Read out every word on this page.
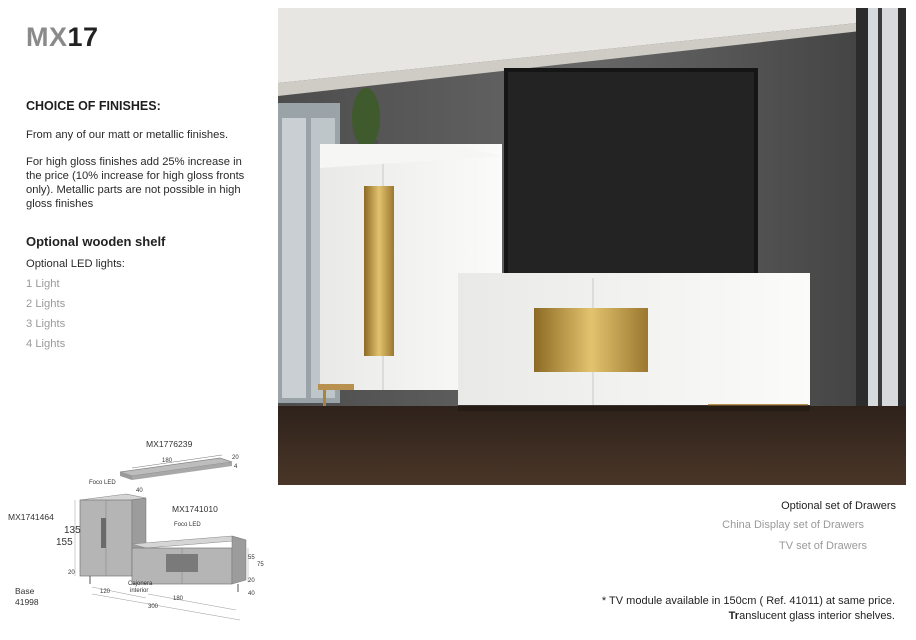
MX17
CHOICE OF FINISHES:
From any of our matt or metallic finishes.
For high gloss finishes add 25% increase in the price (10% increase for high gloss fronts only). Metallic parts are not possible in high gloss finishes
Optional wooden shelf
Optional LED lights:
1 Light
2 Lights
3 Lights
4 Lights
MX1776239
180	20
4
Foco LED
40
MX1741464
MX1741010
Foco LED
135
155
55
75
20
20
Cajonera
interior	40
120
180
300
Base
41998
Optional set of Drawers
China Display set of Drawers
TV set of Drawers
* TV module available in 150cm ( Ref. 41011) at same price.
Translucent glass interior shelves.
